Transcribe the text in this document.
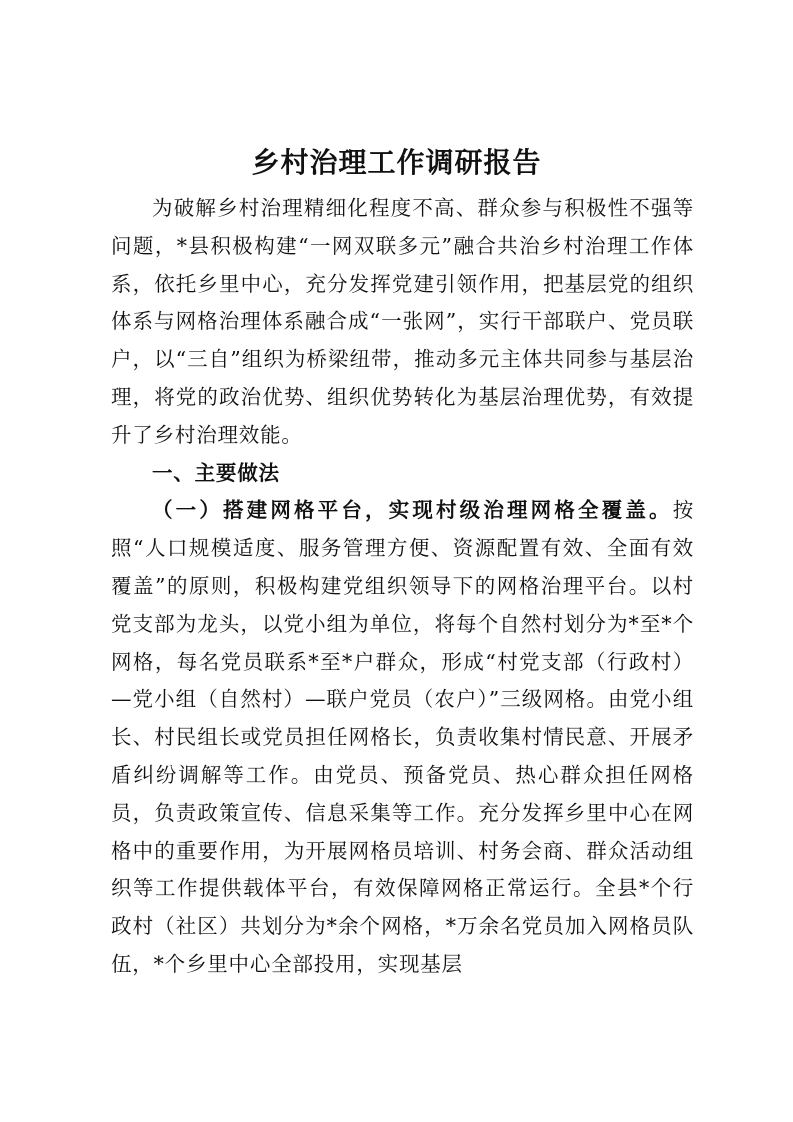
乡村治理工作调研报告

为破解乡村治理精细化程度不高、群众参与积极性不强等问题，*县积极构建“一网双联多元”融合共治乡村治理工作体系，依托乡里中心，充分发挥党建引领作用，把基层党的组织体系与网格治理体系融合成“一张网”，实行干部联户、党员联户，以“三自”组织为桥梁纽带，推动多元主体共同参与基层治理，将党的政治优势、组织优势转化为基层治理优势，有效提升了乡村治理效能。

一、主要做法

（一）搭建网格平台，实现村级治理网格全覆盖。按照“人口规模适度、服务管理方便、资源配置有效、全面有效覆盖”的原则，积极构建党组织领导下的网格治理平台。以村党支部为龙头，以党小组为单位，将每个自然村划分为*至*个网格，每名党员联系*至*户群众，形成“村党支部（行政村）—党小组（自然村）—联户党员（农户）”三级网格。由党小组长、村民组长或党员担任网格长，负责收集村情民意、开展矛盾纠纷调解等工作。由党员、预备党员、热心群众担任网格员，负责政策宣传、信息采集等工作。充分发挥乡里中心在网格中的重要作用，为开展网格员培训、村务会商、群众活动组织等工作提供载体平台，有效保障网格正常运行。全县*个行政村（社区）共划分为*余个网格，*万余名党员加入网格员队伍，*个乡里中心全部投用，实现基层
